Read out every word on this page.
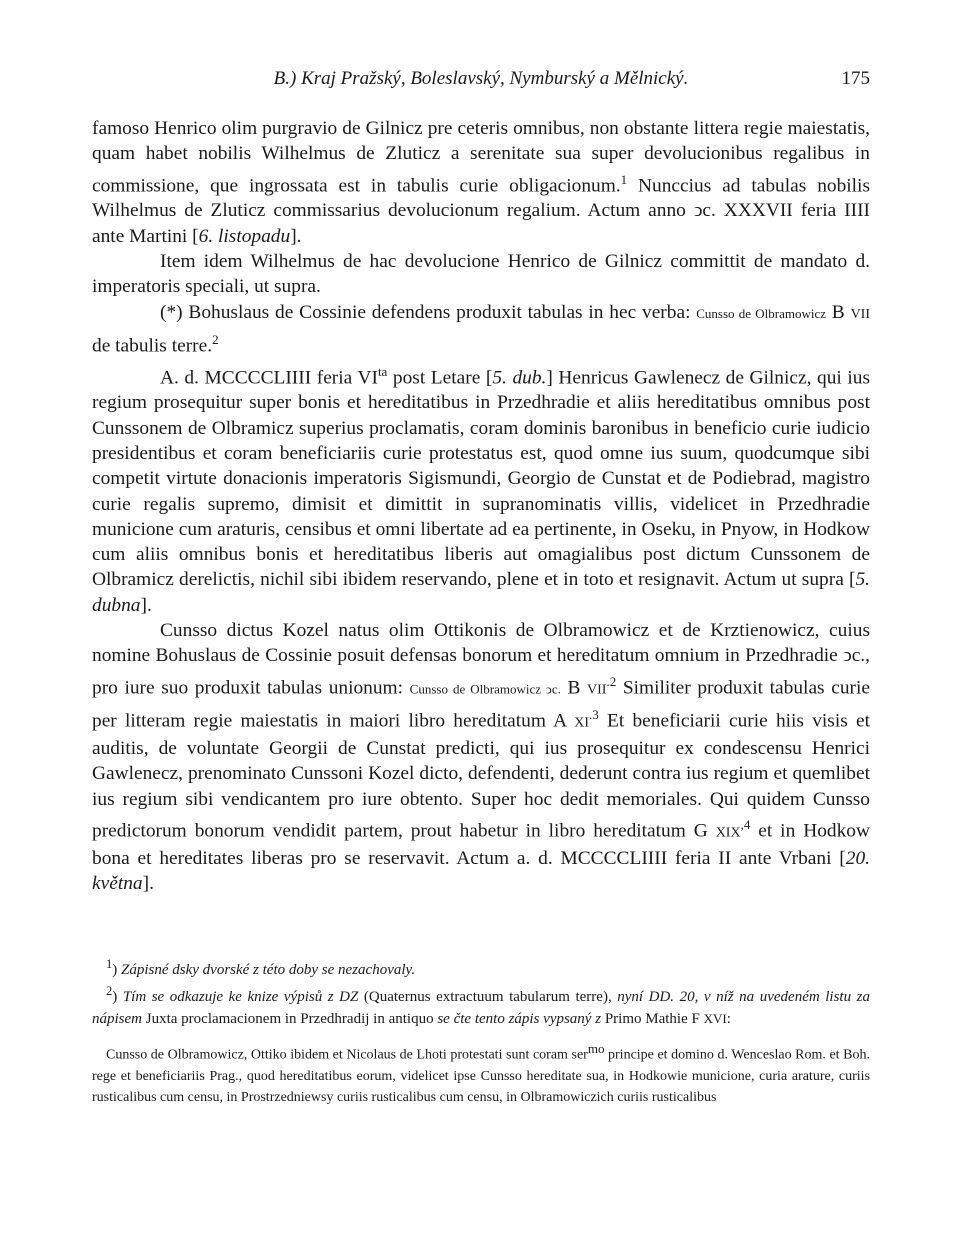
B.) Kraj Pražský, Boleslavský, Nymburský a Mělnický.	175

famoso Henrico olim purgravio de Gilnicz pre ceteris omnibus, non obstante littera regie maiestatis, quam habet nobilis Wilhelmus de Zluticz a serenitate sua super devolucionibus regalibus in commissione, que ingrossata est in tabulis curie obligacionum.$^1$ Nunccius ad tabulas nobilis Wilhelmus de Zluticz commissarius devolucionum regalium. Actum anno ͻc. XXXVII feria IIII ante Martini [6. listopadu].

Item idem Wilhelmus de hac devolucione Henrico de Gilnicz committit de mandato d. imperatoris speciali, ut supra.

(*) Bohuslaus de Cossinie defendens produxit tabulas in hec verba: Cunsso de Olbramowicz B VII de tabulis terre.$^2$

A. d. MCCCCLIIII feria $VI^{ta}$ post Letare [5. dub.] Henricus Gawlenecz de Gilnicz, qui ius regium prosequitur super bonis et hereditatibus in Przedhradie et aliis hereditatibus omnibus post Cunssonem de Olbramicz superius proclamatis, coram dominis baronibus in beneficio curie iudicio presidentibus et coram beneficiariis curie protestatus est, quod omne ius suum, quodcumque sibi competit virtute donacionis imperatoris Sigismundi, Georgio de Cunstat et de Podiebrad, magistro curie regalis supremo, dimisit et dimittit in supranominatis villis, videlicet in Przedhradie municione cum araturis, censibus et omni libertate ad ea pertinente, in Oseku, in Pnyow, in Hodkow cum aliis omnibus bonis et hereditatibus liberis aut omagialibus post dictum Cunssonem de Olbramicz derelictis, nichil sibi ibidem reservando, plene et in toto et resignavit. Actum ut supra [5. dubna].

Cunsso dictus Kozel natus olim Ottikonis de Olbramowicz et de Krztienowicz, cuius nomine Bohuslaus de Cossinie posuit defensas bonorum et hereditatum omnium in Przedhradie ͻc., pro iure suo produxit tabulas unionum: Cunsso de Olbramowicz ͻc. B $VII^{.2}$ Similiter produxit tabulas curie per litteram regie maiestatis in maiori libro hereditatum A $XI^{.3}$ Et beneficiarii curie hiis visis et auditis, de voluntate Georgii de Cunstat predicti, qui ius prosequitur ex condescensu Henrici Gawlenecz, prenominato Cunssoni Kozel dicto, defendenti, dederunt contra ius regium et quemlibet ius regium sibi vendicantem pro iure obtento. Super hoc dedit memoriales. Qui quidem Cunsso predictorum bonorum vendidit partem, prout habetur in libro hereditatum G $XIX^{,4}$ et in Hodkow bona et hereditates liberas pro se reservavit. Actum a. d. MCCCCLIIII feria II ante Vrbani [20. května].

$^1$) Zápisné dsky dvorské z této doby se nezachovaly.

$^2$) Tím se odkazuje ke knize výpisů z DZ (Quaternus extractuum tabularum terre), nyní DD. 20, v níž na uvedeném listu za nápisem Juxta proclamacionem in Przedhradij in antiquo se čte tento zápis vypsaný z Primo Mathie F XVI:

Cunsso de Olbramowicz, Ottiko ibidem et Nicolaus de Lhoti protestati sunt coram ser$^{mo}$ principe et domino d. Wenceslao Rom. et Boh. rege et beneficiariis Prag., quod hereditatibus eorum, videlicet ipse Cunsso hereditate sua, in Hodkowie municione, curia arature, curiis rusticalibus cum censu, in Prostrzedniewsy curiis rusticalibus cum censu, in Olbramowiczich curiis rusticalibus
